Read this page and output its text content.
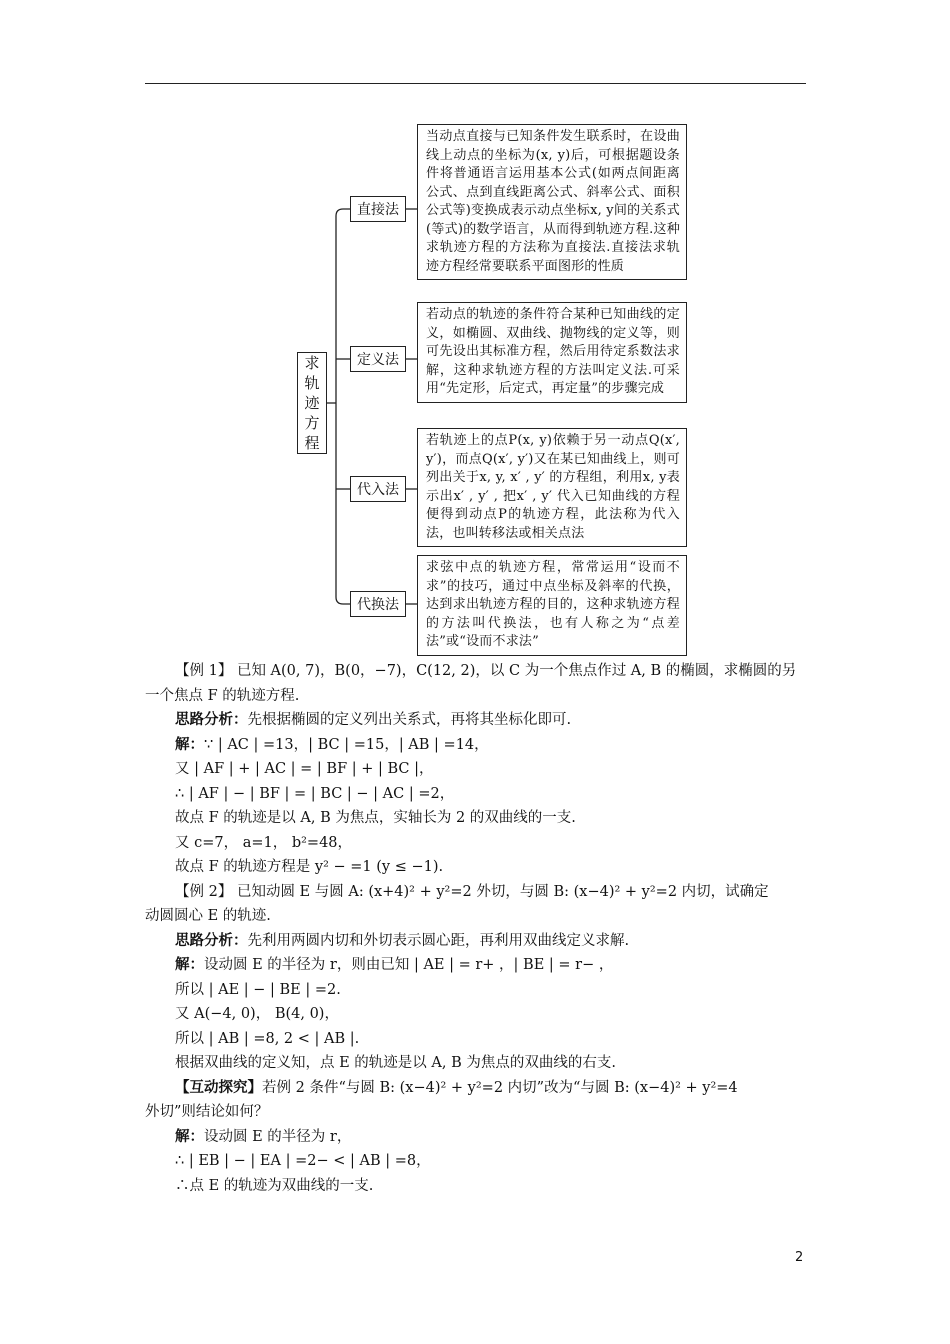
求
轨
迹
方
程
直接法
当动点直接与已知条件发生联系时，在设曲线上动点的坐标为(x, y)后，可根据题设条件将普通语言运用基本公式(如两点间距离公式、点到直线距离公式、斜率公式、面积公式等)变换成表示动点坐标x, y间的关系式(等式)的数学语言，从而得到轨迹方程.这种求轨迹方程的方法称为直接法.直接法求轨迹方程经常要联系平面图形的性质
定义法
若动点的轨迹的条件符合某种已知曲线的定义，如椭圆、双曲线、抛物线的定义等，则可先设出其标准方程，然后用待定系数法求解，这种求轨迹方程的方法叫定义法.可采用“先定形，后定式，再定量”的步骤完成
代入法
若轨迹上的点P(x, y)依赖于另一动点Q(x′, y′)，而点Q(x′, y′)又在某已知曲线上，则可列出关于x, y, x′ , y′ 的方程组，利用x, y表示出x′ , y′ , 把x′ , y′ 代入已知曲线的方程便得到动点P的轨迹方程，此法称为代入法，也叫转移法或相关点法
代换法
求弦中点的轨迹方程，常常运用“设而不求”的技巧，通过中点坐标及斜率的代换，达到求出轨迹方程的目的，这种求轨迹方程的方法叫代换法，也有人称之为“点差法”或“设而不求法”
【例 1】 已知 A(0, 7)，B(0，−7)，C(12, 2)，以 C 为一个焦点作过 A, B 的椭圆，求椭圆的另
一个焦点 F 的轨迹方程.
思路分析：先根据椭圆的定义列出关系式，再将其坐标化即可.
解：∵ | AC | =13，| BC | =15，| AB | =14，
又 | AF | + | AC | = | BF | + | BC |，
∴ | AF | − | BF | = | BC | − | AC | =2，
故点 F 的轨迹是以 A, B 为焦点，实轴长为 2 的双曲线的一支.
又 c=7， a=1， b²=48，
故点 F 的轨迹方程是 y² − =1 (y ≤ −1).
【例 2】 已知动圆 E 与圆 A: (x+4)² + y²=2 外切，与圆 B: (x−4)² + y²=2 内切，试确定
动圆圆心 E 的轨迹.
思路分析：先利用两圆内切和外切表示圆心距，再利用双曲线定义求解.
解：设动圆 E 的半径为 r，则由已知 | AE | = r+ ，| BE | = r− ，
所以 | AE | − | BE | =2.
又 A(−4, 0)， B(4, 0)，
所以 | AB | =8, 2 < | AB |.
根据双曲线的定义知，点 E 的轨迹是以 A, B 为焦点的双曲线的右支.
【互动探究】若例 2 条件“与圆 B: (x−4)² + y²=2 内切”改为“与圆 B: (x−4)² + y²=4
外切”则结论如何？
解：设动圆 E 的半径为 r，
∴ | EB | − | EA | =2− < | AB | =8，
∴点 E 的轨迹为双曲线的一支.
2
